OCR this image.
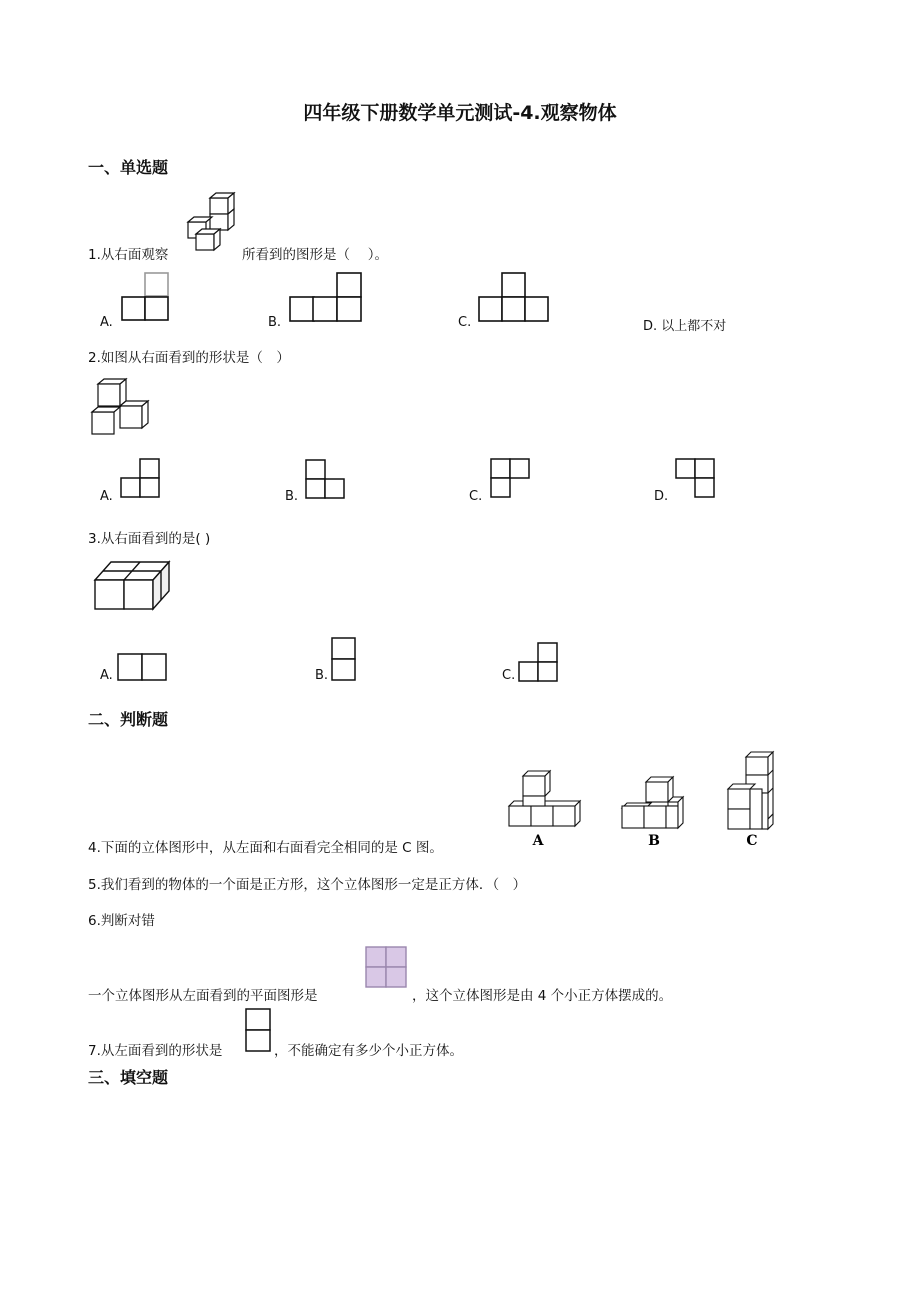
四年级下册数学单元测试-4.观察物体
一、单选题
1.从右面观察	所看到的图形是（　 ）。
A.	B.	C.	D. 以上都不对
2.如图从右面看到的形状是（　）
A.	B.	C.	D.
3.从右面看到的是( )
A.	B.	C.
二、判断题
4.下面的立体图形中，从左面和右面看完全相同的是 C 图。	A	B	C
5.我们看到的物体的一个面是正方形，这个立体图形一定是正方体．（　）
6.判断对错
一个立体图形从左面看到的平面图形是	，这个立体图形是由 4 个小正方体摆成的。
7.从左面看到的形状是	，不能确定有多少个小正方体。
三、填空题
